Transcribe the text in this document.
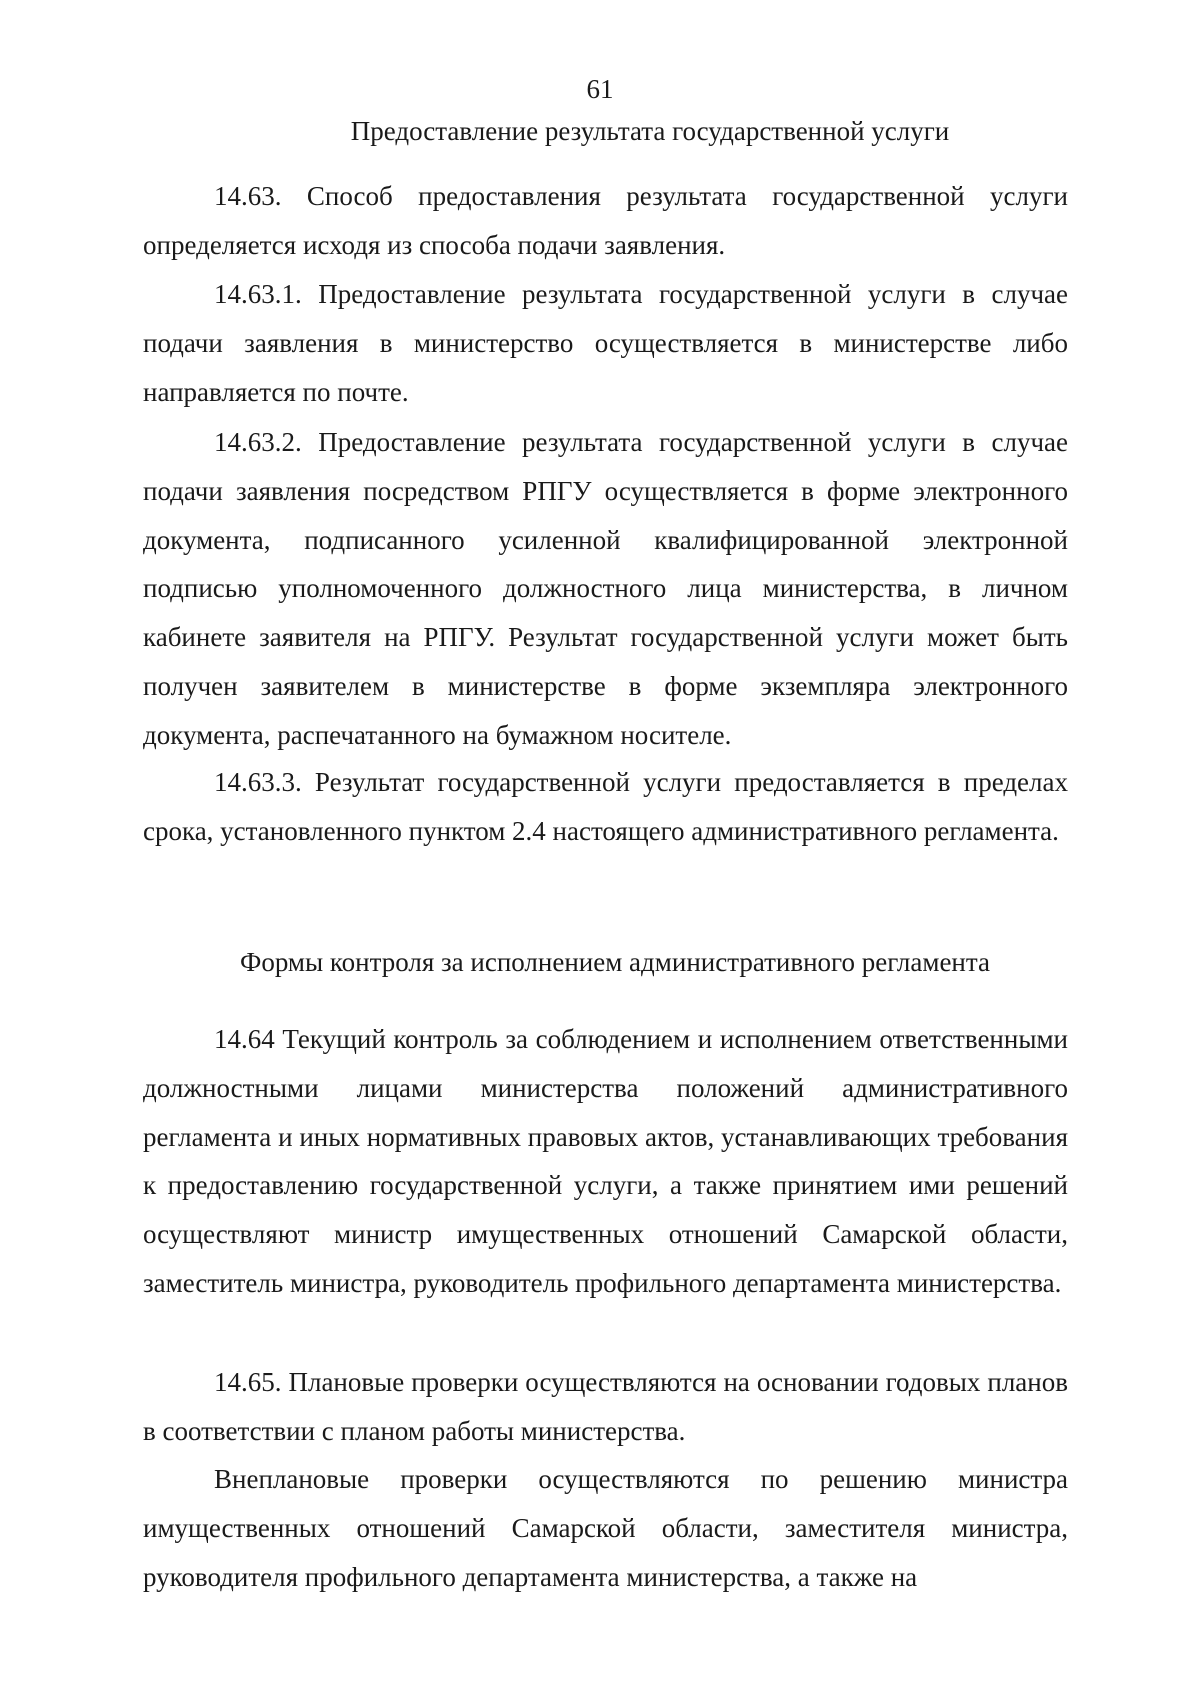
61
Предоставление результата государственной услуги

14.63. Способ предоставления результата государственной услуги определяется исходя из способа подачи заявления.

14.63.1. Предоставление результата государственной услуги в случае подачи заявления в министерство осуществляется в министерстве либо направляется по почте.

14.63.2. Предоставление результата государственной услуги в случае подачи заявления посредством РПГУ осуществляется в форме электронного документа, подписанного усиленной квалифицированной электронной подписью уполномоченного должностного лица министерства, в личном кабинете заявителя на РПГУ. Результат государственной услуги может быть получен заявителем в министерстве в форме экземпляра электронного документа, распечатанного на бумажном носителе.

14.63.3. Результат государственной услуги предоставляется в пределах срока, установленного пунктом 2.4 настоящего административного регламента.

Формы контроля за исполнением административного регламента

14.64 Текущий контроль за соблюдением и исполнением ответственными должностными лицами министерства положений административного регламента и иных нормативных правовых актов, устанавливающих требования к предоставлению государственной услуги, а также принятием ими решений осуществляют министр имущественных отношений Самарской области, заместитель министра, руководитель профильного департамента министерства.

14.65. Плановые проверки осуществляются на основании годовых планов в соответствии с планом работы министерства.

Внеплановые проверки осуществляются по решению министра имущественных отношений Самарской области, заместителя министра, руководителя профильного департамента министерства, а также на
